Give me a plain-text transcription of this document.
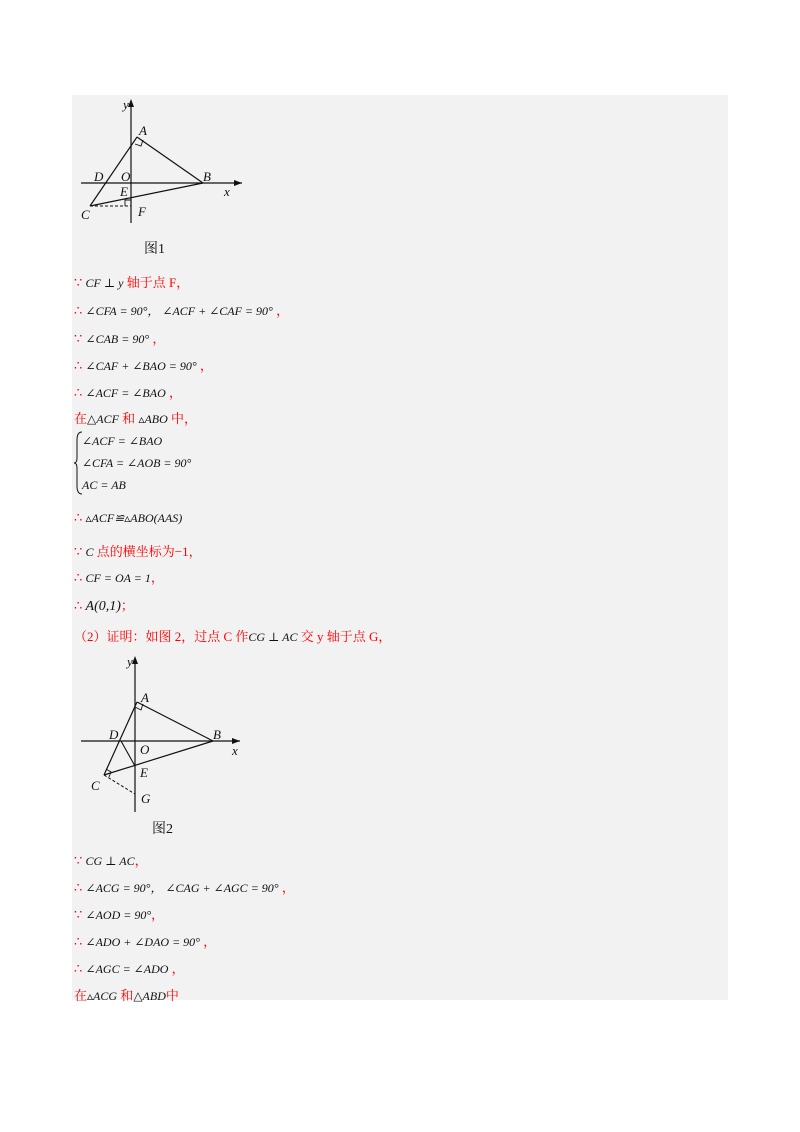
y
A
B
x
D O
E
C	F
图1
∵ CF ⊥ y 轴于点 F，
∴ ∠CFA = 90°， ∠ACF + ∠CAF = 90° ，
∵ ∠CAB = 90° ，
∴ ∠CAF + ∠BAO = 90° ，
∴ ∠ACF = ∠BAO ，
在△ACF 和 ▵ABO 中，
∠ACF = ∠BAO
∠CFA = ∠AOB = 90°
AC = AB
∴ ▵ACF≌▵ABO(AAS)
∵ C 点的横坐标为−1，
∴ CF = OA = 1，
∴ A(0,1)；
（2）证明：如图 2，过点 C 作CG ⊥ AC 交 y 轴于点 G，
y
A
B
x
D
O
E
C
G
图2
∵ CG ⊥ AC，
∴ ∠ACG = 90°， ∠CAG + ∠AGC = 90° ，
∵ ∠AOD = 90°，
∴ ∠ADO + ∠DAO = 90° ，
∴ ∠AGC = ∠ADO ，
在▵ACG 和△ABD中
